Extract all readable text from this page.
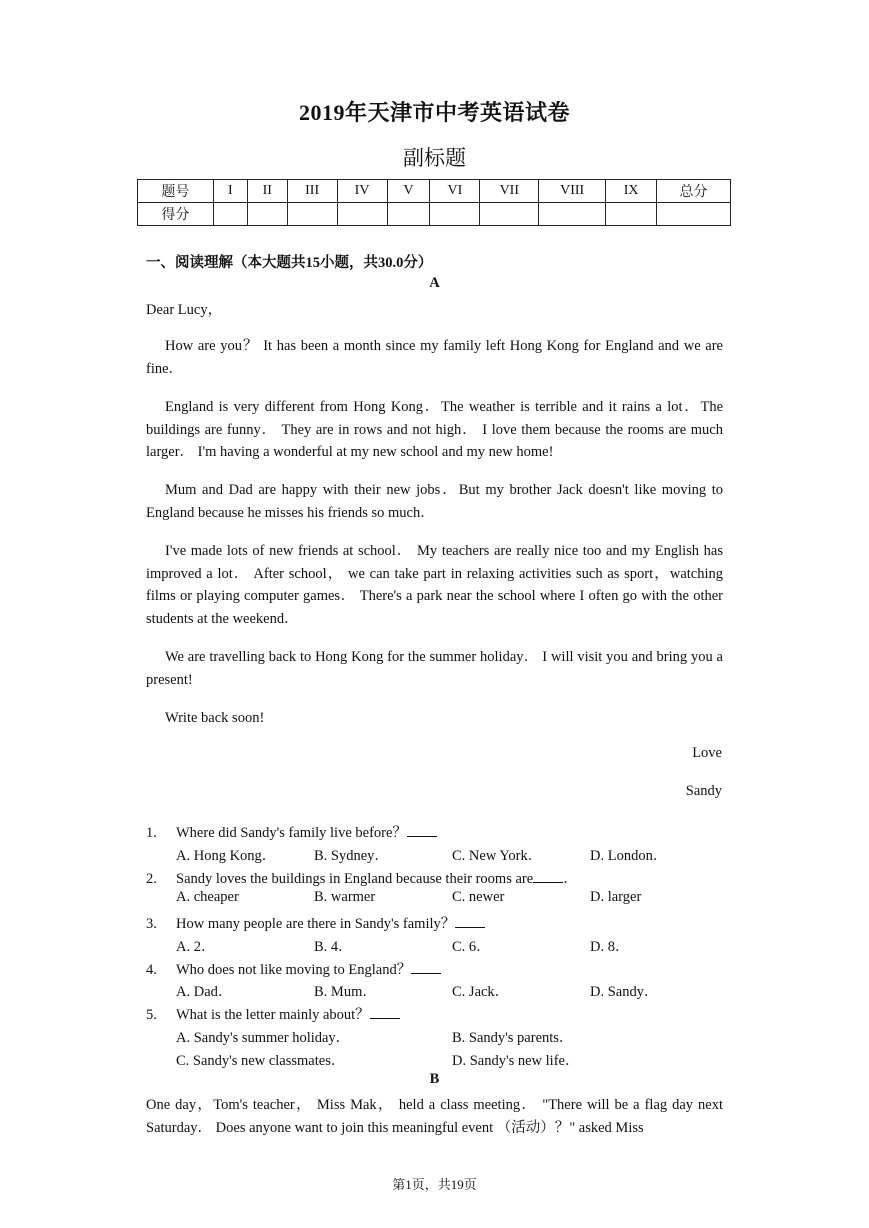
2019年天津市中考英语试卷
副标题
题号	I	II	III	IV	V	VI	VII	VIII	IX	总分
得分										
一、阅读理解（本大题共15小题，共30.0分）
A
Dear Lucy，
How are you？ It has been a month since my family left Hong Kong for England and we are fine．
England is very different from Hong Kong．The weather is terrible and it rains a lot．The buildings are funny． They are in rows and not high． I love them because the rooms are much larger． I'm having a wonderful at my new school and my new home!
Mum and Dad are happy with their new jobs．But my brother Jack doesn't like moving to England because he misses his friends so much．
I've made lots of new friends at school． My teachers are really nice too and my English has improved a lot． After school， we can take part in relaxing activities such as sport，watching films or playing computer games． There's a park near the school where I often go with the other students at the weekend．
We are travelling back to Hong Kong for the summer holiday． I will visit you and bring you a present!
Write back soon!
Love
Sandy
1. Where did Sandy's family live before？
A. Hong Kong．	B. Sydney．	C. New York．	D. London．
2. Sandy loves the buildings in England because their rooms are ．
A. cheaper	B. warmer	C. newer	D. larger
3. How many people are there in Sandy's family？
A. 2．	B. 4．	C. 6．	D. 8．
4. Who does not like moving to England？
A. Dad．	B. Mum．	C. Jack．	D. Sandy．
5. What is the letter mainly about？
A. Sandy's summer holiday．	B. Sandy's parents．
C. Sandy's new classmates．	D. Sandy's new life．
B
One day，Tom's teacher， Miss Mak， held a class meeting． "There will be a flag day next Saturday． Does anyone want to join this meaningful event （活动）？" asked Miss
第1页，共19页
